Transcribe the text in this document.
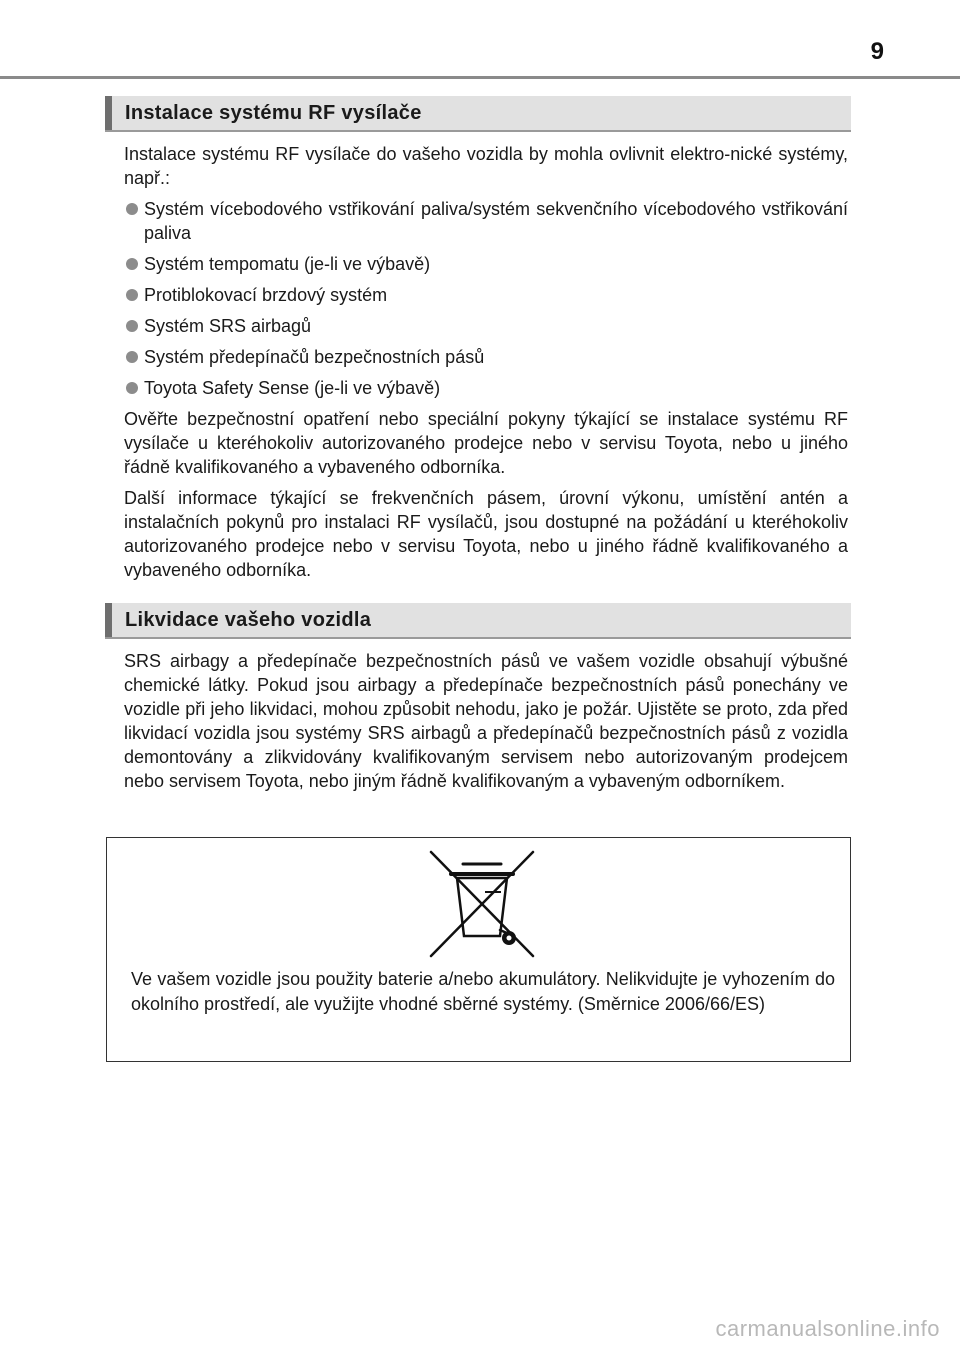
9
Instalace systému RF vysílače

Instalace systému RF vysílače do vašeho vozidla by mohla ovlivnit elektro-nické systémy, např.:

Systém vícebodového vstřikování paliva/systém sekvenčního vícebodového vstřikování paliva
Systém tempomatu (je-li ve výbavě)
Protiblokovací brzdový systém
Systém SRS airbagů
Systém předepínačů bezpečnostních pásů
Toyota Safety Sense (je-li ve výbavě)

Ověřte bezpečnostní opatření nebo speciální pokyny týkající se instalace systému RF vysílače u kteréhokoliv autorizovaného prodejce nebo v servisu Toyota, nebo u jiného řádně kvalifikovaného a vybaveného odborníka.

Další informace týkající se frekvenčních pásem, úrovní výkonu, umístění antén a instalačních pokynů pro instalaci RF vysílačů, jsou dostupné na požádání u kteréhokoliv autorizovaného prodejce nebo v servisu Toyota, nebo u jiného řádně kvalifikovaného a vybaveného odborníka.

Likvidace vašeho vozidla

SRS airbagy a předepínače bezpečnostních pásů ve vašem vozidle obsahují výbušné chemické látky. Pokud jsou airbagy a předepínače bezpečnostních pásů ponechány ve vozidle při jeho likvidaci, mohou způsobit nehodu, jako je požár. Ujistěte se proto, zda před likvidací vozidla jsou systémy SRS airbagů a předepínačů bezpečnostních pásů z vozidla demontovány a zlikvidovány kvalifikovaným servisem nebo autorizovaným prodejcem nebo servisem Toyota, nebo jiným řádně kvalifikovaným a vybaveným odborníkem.

Ve vašem vozidle jsou použity baterie a/nebo akumulátory. Nelikvidujte je vyhozením do okolního prostředí, ale využijte vhodné sběrné systémy. (Směrnice 2006/66/ES)
carmanualsonline.info
